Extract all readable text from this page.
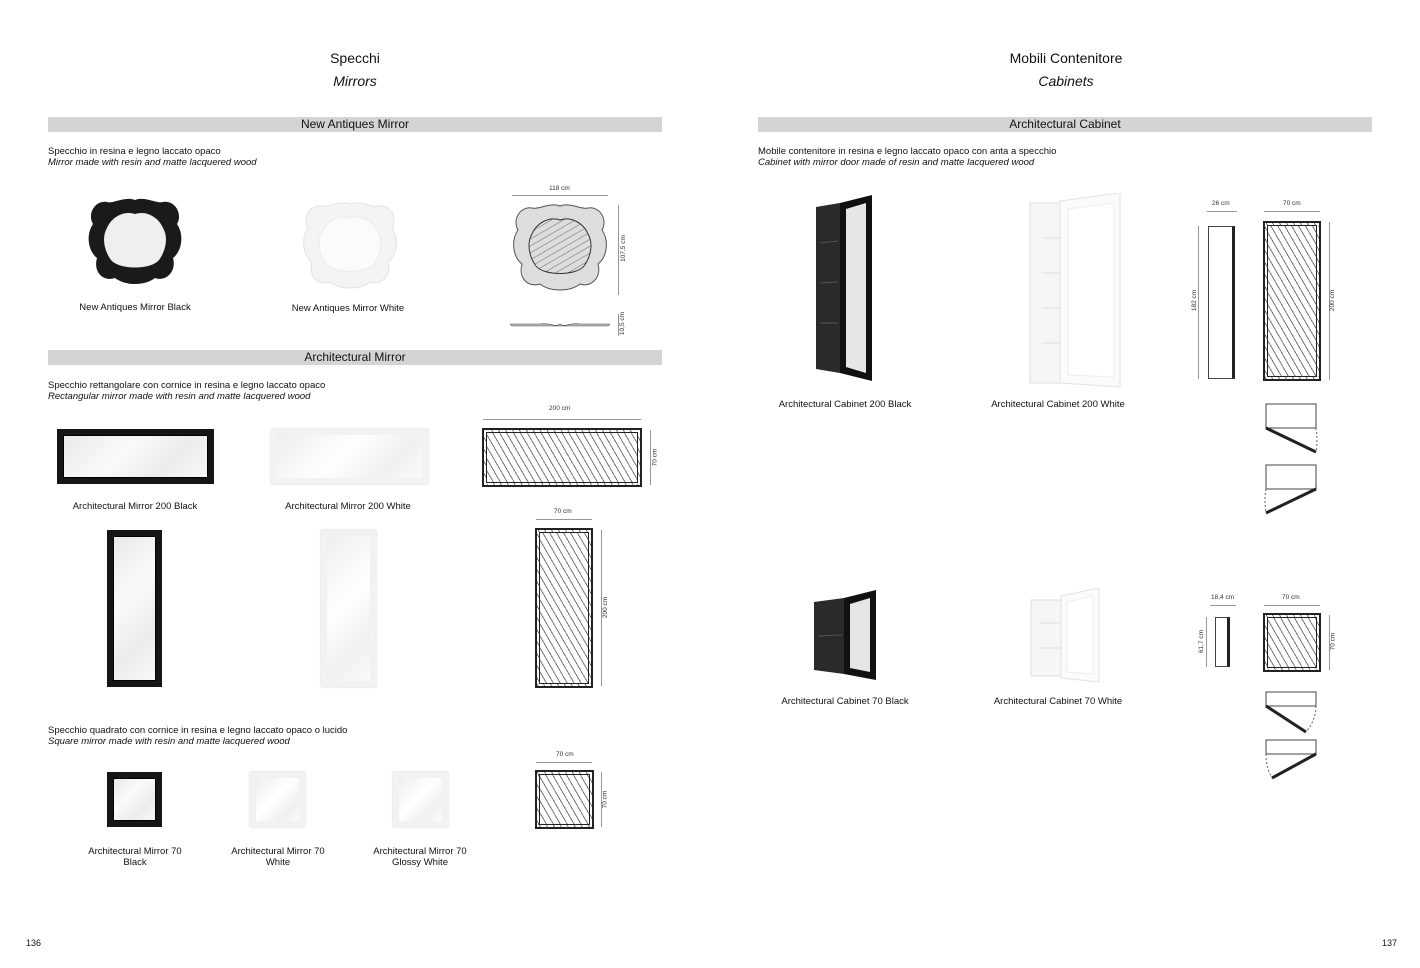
Specchi
Mirrors
New Antiques Mirror
Specchio in resina e legno laccato opaco
Mirror made with resin and matte lacquered wood
New Antiques Mirror Black	New Antiques Mirror White
118 cm
107,5 cm
10,5 cm
Architectural Mirror
Specchio rettangolare con cornice in resina e legno laccato opaco
Rectangular mirror made with resin and matte lacquered wood
Architectural Mirror 200 Black	Architectural Mirror 200 White
200 cm
70 cm
70 cm
200 cm
Specchio quadrato con cornice in resina e legno laccato opaco o lucido
Square mirror made with resin and matte lacquered wood
Architectural Mirror 70
Black
Architectural Mirror 70
White
Architectural Mirror 70
Glossy White
70 cm
70 cm
136
Mobili Contenitore
Cabinets
Architectural Cabinet
Mobile contenitore in resina e legno laccato opaco con anta a specchio
Cabinet with mirror door made of resin and matte lacquered wood
Architectural Cabinet 200 Black	Architectural Cabinet 200 White
26 cm	70 cm
182 cm	200 cm
Architectural Cabinet 70 Black	Architectural Cabinet 70 White
18,4 cm	70 cm
61,7 cm	70 cm
137
